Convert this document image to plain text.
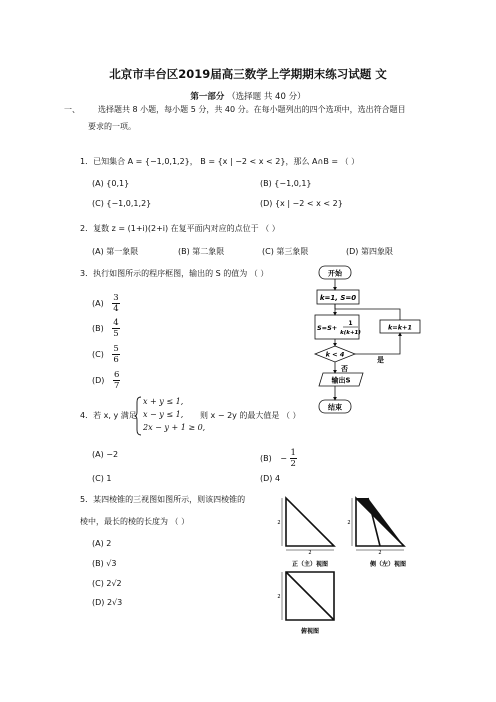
北京市丰台区2019届高三数学上学期期末练习试题 文
第一部分 （选择题 共 40 分）
一、 选择题共 8 小题，每小题 5 分，共 40 分。在每小题列出的四个选项中，选出符合题目
要求的一项。
1．已知集合 A = {−1,0,1,2}， B = {x | −2 < x < 2}，那么 A∩B = （ ）
(A) {0,1}	(B) {−1,0,1}
(C) {−1,0,1,2}	(D) {x | −2 < x < 2}
2．复数 z = (1+i)(2+i) 在复平面内对应的点位于 （ ）
(A) 第一象限	(B) 第二象限	(C) 第三象限	(D) 第四象限
3．执行如图所示的程序框图，输出的 S 的值为 （ ）
$(A) \frac{3}{4}$
$(B) \frac{4}{5}$
$(C) \frac{5}{6}$
$(D) \frac{6}{7}$
4．若 x, y 满足
x + y ≤ 1,
x − y ≤ 1,
2x − y + 1 ≥ 0,
则 x − 2y 的最大值是 （ ）
(A) −2	$(B) - \frac{1}{2}$
(C) 1	(D) 4
5．某四棱锥的三视图如图所示，则该四棱锥的
棱中，最长的棱的长度为 （ ）
(A) 2
(B) √3
(C) 2√2
(D) 2√3
开始
k=1, S=0
S=S+
1
k(k+1)
k < 4
k=k+1
是
否
输出S
结束
2
2
2
2
2
正（主）视图	侧（左）视图
俯视图
